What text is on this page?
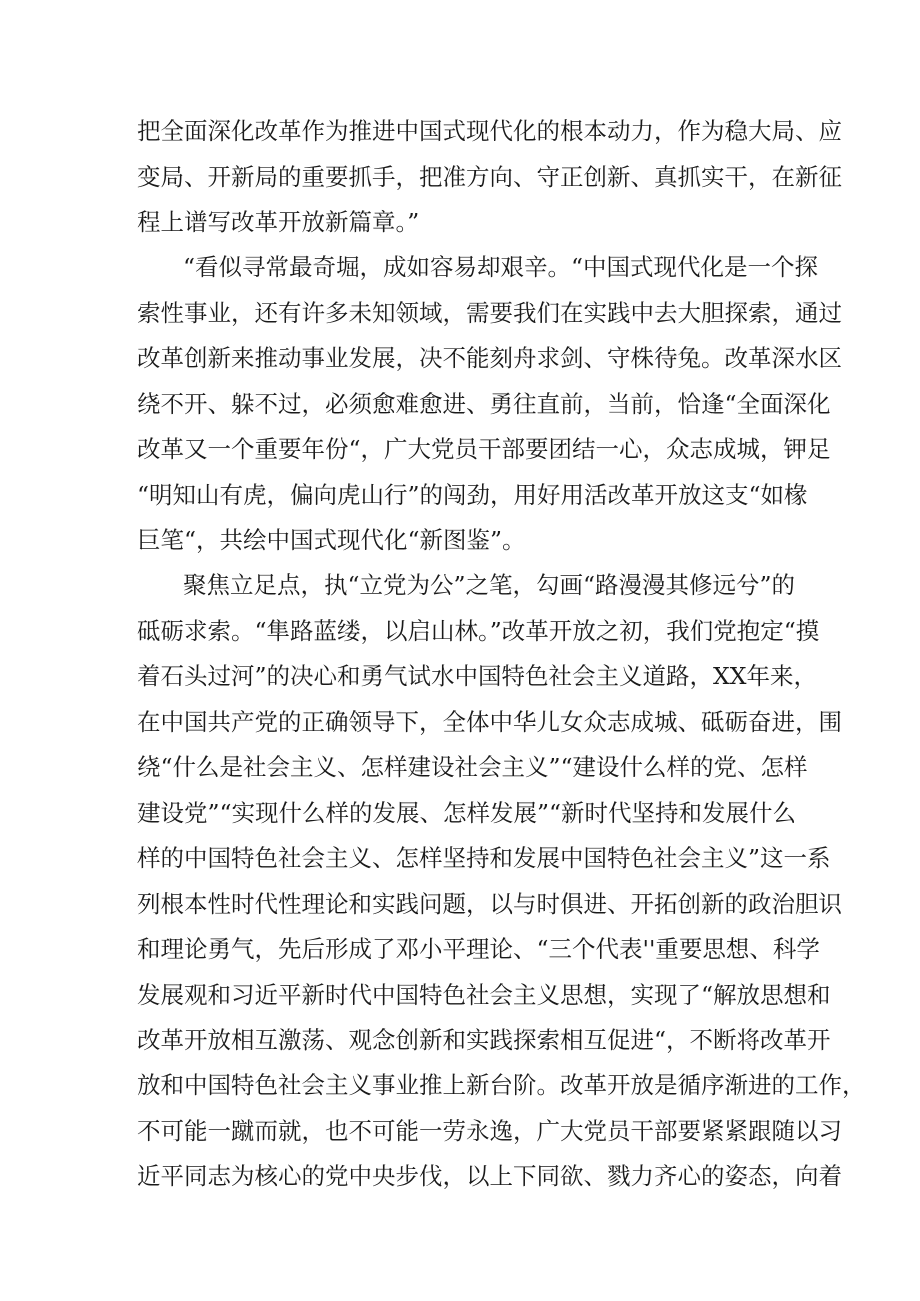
把全面深化改革作为推进中国式现代化的根本动力，作为稳大局、应
变局、开新局的重要抓手，把准方向、守正创新、真抓实干，在新征
程上谱写改革开放新篇章。”
“看似寻常最奇堀，成如容易却艰辛。“中国式现代化是一个探
索性事业，还有许多未知领域，需要我们在实践中去大胆探索，通过
改革创新来推动事业发展，决不能刻舟求剑、守株待兔。改革深水区
绕不开、躲不过，必须愈难愈进、勇往直前，当前，恰逢“全面深化
改革又一个重要年份“，广大党员干部要团结一心，众志成城，钾足
“明知山有虎，偏向虎山行”的闯劲，用好用活改革开放这支“如椽
巨笔“，共绘中国式现代化“新图鉴”。
聚焦立足点，执“立党为公”之笔，勾画“路漫漫其修远兮”的
砥砺求索。“隼路蓝缕，以启山林。”改革开放之初，我们党抱定“摸
着石头过河”的决心和勇气试水中国特色社会主义道路，XX年来，
在中国共产党的正确领导下，全体中华儿女众志成城、砥砺奋进，围
绕“什么是社会主义、怎样建设社会主义”“建设什么样的党、怎样
建设党”“实现什么样的发展、怎样发展”“新时代坚持和发展什么
样的中国特色社会主义、怎样坚持和发展中国特色社会主义”这一系
列根本性时代性理论和实践问题，以与时俱进、开拓创新的政治胆识
和理论勇气，先后形成了邓小平理论、“三个代表''重要思想、科学
发展观和习近平新时代中国特色社会主义思想，实现了“解放思想和
改革开放相互激荡、观念创新和实践探索相互促进“，不断将改革开
放和中国特色社会主义事业推上新台阶。改革开放是循序渐进的工作，
不可能一蹴而就，也不可能一劳永逸，广大党员干部要紧紧跟随以习
近平同志为核心的党中央步伐，以上下同欲、戮力齐心的姿态，向着
